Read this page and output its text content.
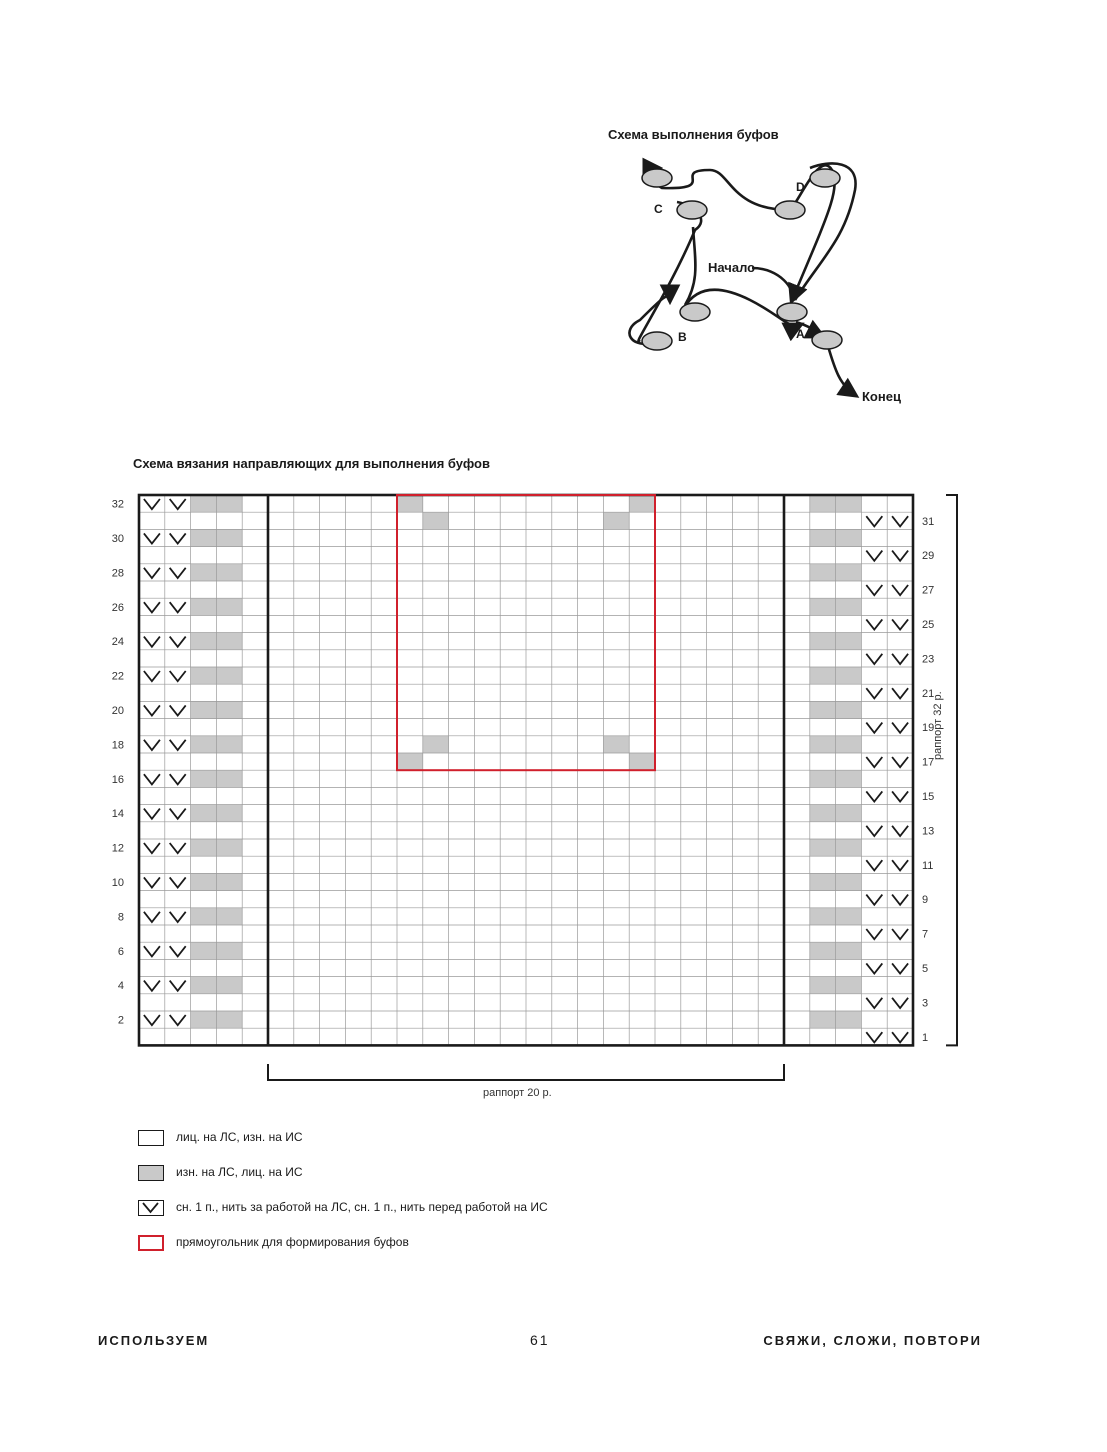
Схема выполнения буфов
D
C
B	A
Начало
Конец
Схема вязания направляющих для выполнения буфов
32
30
28
26
24
22
20
18
16
14
12
10
8
6
4
2
31
29
27
25
23
21
19
17
15
13
11
9
7
5
3
1
раппорт 20 р.
раппорт 32 р.
лиц. на ЛС, изн. на ИС
изн. на ЛС, лиц. на ИС
сн. 1 п., нить за работой на ЛС, сн. 1 п., нить перед работой на ИС
прямоугольник для формирования буфов
ИСПОЛЬЗУЕМ	61	СВЯЖИ, СЛОЖИ, ПОВТОРИ
